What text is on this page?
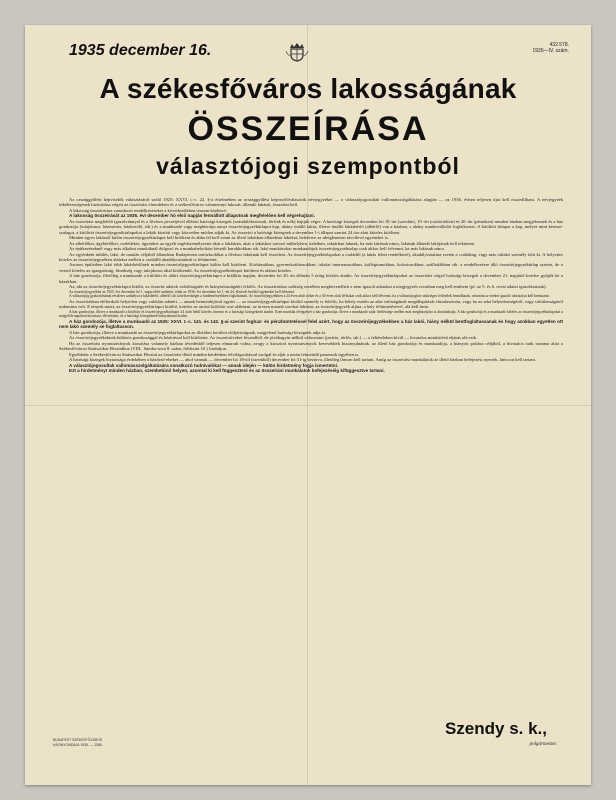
1935 december 16.	432.578.
1935—IV. szám.
A székesfőváros lakosságának
ÖSSZEÍRÁSA
választójogi szempontból

Az országgyűlési képviselők választásáról szóló 1925: XXVI. t.-c. 22. §-a értelmében az országgyűlési képviselőválasztók névjegyzéket — a választójogosultak vallomásszolgáltatása alapján — az 1936. évben teljesen újra kell összeállítani. A névjegyzék tökéletességének biztosítása végett az összeírást elrendelem és a székesfőváros valamennyi lakosát, állandó lakását, összeírni kell.

A lakosság összeírására vonatkozó rendelkezéseket a következőkben teszem közhírré:

A lakosság összeírását az 1935. évi december hó első napján fennállott állapotnak megfelelően kell végrehajtani.

Az összeírást megfelelő igazolvánnyal és a főváros pecsétjével ellátott hatósági közegek (számlálóbiztosok, férfiak és nők) hajtják végre. A hatósági közegek december hó 18.-án (szerdán), 19.-én (csütörtökön) és 20.-án (pénteken) minden házban megjelennek és a ház gondozója (tulajdonos, házmester, házkezelő, stb.) és a munkaadó vagy megbízottja annyi összeírójegyzékürlapot kap, ahány önálló lakás, illetve önálló lakásbérlő (albérlő) van a házban, s ahány munkavállalót foglalkoztat. A kitöltött űrlapot a kap, melyet mint kereszt-szalagot, a kitöltött összeírójegyzékürlapokat a lakók közötti vagy közvetlen módon adják ki. Az összeíró a hatósági közegnek a december 1-i állapot szerint 24 óra alatt köteles kitölteni.

Minden egyes lakásról külön összeírójegyzékürlapot kell kitölteni és abba fel kell venni az illető lakásban állandóan lakókat, beleértve az ideiglenesen távollevő egyéneket is.

Az albérlőket, ágybérlőket, cselédeket, ügynöket az egyéb segédszemélyzetet akár a lakásban, akár a lakáshoz tartozó műhelyben, üzletben, raktárban laknak, ha más lakásuk nincs, lakásuk állandó lakójának kell tekinteni.

Az építkezéseknél vagy más alkalmi munkáknál dolgozó és a munkahelyükön készült barakkokban stb. lakó munkásokat munkaadójuk összeírójegyzékürlap csak akkor kell felvenni, ha más lakásuk nincs.

Az egyénként üdülés, lakó, de tanulás céljából állandóan Budapesten tartózkodókat a főváros lakóinak kell összeírni. Az összeírójegyzékürlapokat a családfő (a lakás felett rendelkező), akadályoztatása esetén a családtag, vagy más ottlakó személy tölti ki. A helyettes köteles az összeírójegyzéken aláírása mellett a családfő akadályoztatását is feltüntetni.

Azonos épületben lakó több lakásbérlőnek minden összeírójegyzékürlapot külön kell kitölteni. Kórházakban, gyermekotthonokban, iskolai internatusokban, kollégiumokban, kolostorokban, szállodákban stb. a rendelkezésre álló összeírójegyzékürlap szerint, de a vezető köteles az igazgatóság, főnökség vagy tulajdonos által kitöltendő. Az összeírójegyzékürlapot kitölteni és aláírni köteles.

A ház gondozója, illetőleg a munkaadó a kitöltött és aláírt összeírójegyzékürlapot a kiállítás napján, december hó 20.-án délután 5 óráig köteles átadni. Az összeírójegyzékürlapokat az összeírást végző hatósági közegek a december 21. napjától kezdve gyűjtik be a házakban.

Az, aki az összeírójegyzékürlapot kitölti, az összeírt adatok valódiságáért és hiánytalanságáért felelős. Az összeíráshoz szükség esetében megkövetelheti a nem igazolt adatokat a megjegyzés rovatban meg kell említeni (pl. az 5. és 6. rovat adatai igazolásainak).

Az összeírójegyzékbe az 1925. évi december hó 1. napja előtt született, tehát az 1936. évi december hó 1.-én 24. életévét betöltő egyéneket kell felvenni.

A választójog gyakorlásának részletes szabályai a lakásbérlő, albérlő stb. kötelezettségei a hirdetményekben foglaltatnak. Az összeírójegyzékben a 24 éven aluli nőket és a 30 éven aluli férfiakat csak akkor kell felvenni, ha a választójoghoz szükséges feltételek fennállanak, valamint az ezeket igazoló okiratokat kell bemutatni.

Az összeírásban előforduló helytelen vagy valótlan adatért — annak bemondójával együtt — az összeírójegyzékürlapot kitöltő személy is felelős, ha kétely esetén az adat valóságának megállapítását elmulasztotta, vagy ha az adat helytelenségéről, vagy valótlanságáról tudomása volt. E tények miatt, az összeírójegyzékürlapot kitöltő, köteles az utolsó kitöltött sort aláhúzni, az üresen maradt sorokat áthúzni, az összeírójegyzék aljára, a hely feltüntetésével, alá kell írnia.

A ház gondozója, illetve a munkaadó a kitöltött és összeírójegyzékürlapot 24 órán belül köteles átvenni és a hatósági közegeknek átadni. Ezen munkák elvégzését a ház gondozója, illetve a munkaadó saját felelőssége mellett más megbízottjára is átruházhatja. A ház gondozója és a munkaadó köteles az összeírójegyzékürlapokat a megjelölt napokon kiosztani, ellenőrizni, és a hatósági közegeknek hiánytalanul átadni.

A ház gondozója, illetve a munkaadó az 1925: XXVI. t.-c. 141. és 142. §-ai szerint foghaz- és pénzbüntetéssel felel azért, hogy az összeírójegyzékekben a ház lakói, hiány nélkül bentfoglaltassanak és hogy azokban egyetlen ott nem lakó személy se foglaltasson.

A ház gondozója, illetve a munkaadó az összeírójegyzékürlapokat az illetékes kerületi elöljáróságnak, megjelenő hatósági közegnek adja át.

Az összeírójegyzékeknek különös gondossággal és kézírással kell kitöltetni. Az összeíróíveket hivatalból, de jóváhagyás nélkül változtatni (javítás, törlés, stb.) — a feltételeken kívül — hivatalos minősítésű eljárás alá esik.

Ha az összeírási nyomtatványok kiosztása valamely házban tévedésből teljesen elmaradt volna, avagy a kiosztott nyomtatványok kevesebbek bizonyulnának, az illető ház gondozója és munkaadója, a hiányok pótlása céljából, a hivatalos órák tartama alatt a Székesfővárosi Statisztikai Hivatalhoz (VIII., Sándor-utca 8. szám, földszint 10.) forduljon.

Egyébként a Székesfővárosi Statisztikai Hivatal az összeírást illető minden kérdésben felvilágosítással szolgál és eljár a netán felmerülő panaszok ügyében is.

A hatósági közegek biztonsága érdekében a házőrző-ebeket — ahol vannak — december hó 18-tól (szerdától) december hó 31-ig bezárva, illetőleg láncon kell tartani. Amíg az összeírási munkálatok az illető házban befejezést nyertek, lánccon kell tartani.

A választójogosultak vallomásszolgáltatására vonatkozó tudnivalókat — annak idején — külön hirdetmény fogja ismertetni.

Ezt a hirdetményt minden házban, szembetűnő helyen, azonnal ki kell függeszteni és az összeírási munkálatok befejezéséig kifüggesztve tartani.

BUDAPEST SZÉKESFŐVÁROS
HÁZINYOMDÁJA 1935. — 1365.
Szendy s. k.,
polgármester.
